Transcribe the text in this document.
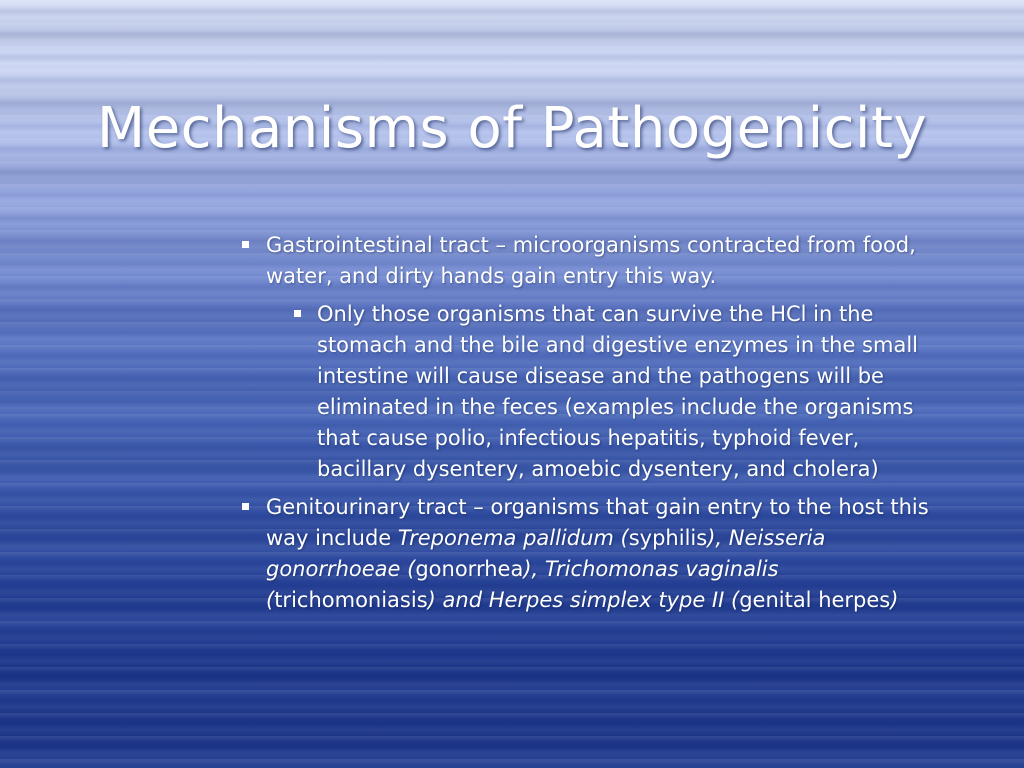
Mechanisms of Pathogenicity
Gastrointestinal tract – microorganisms contracted from food, water, and dirty hands gain entry this way.
Only those organisms that can survive the HCl in the stomach and the bile and digestive enzymes in the small intestine will cause disease and the pathogens will be eliminated in the feces (examples include the organisms that cause polio, infectious hepatitis, typhoid fever, bacillary dysentery, amoebic dysentery, and cholera)
Genitourinary tract – organisms that gain entry to the host this way include Treponema pallidum (syphilis), Neisseria gonorrhoeae (gonorrhea), Trichomonas vaginalis (trichomoniasis) and Herpes simplex type II (genital herpes)
